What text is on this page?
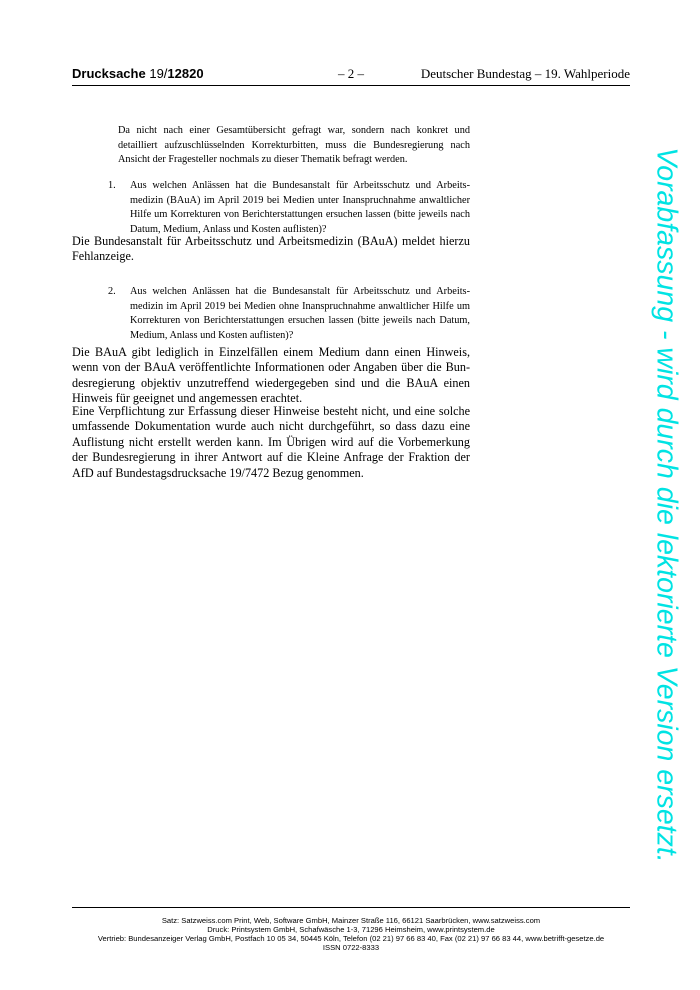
Drucksache 19/12820	– 2 –	Deutscher Bundestag – 19. Wahlperiode
Da nicht nach einer Gesamtübersicht gefragt war, sondern nach konkret und detailliert aufzuschlüsselnden Korrekturbitten, muss die Bundesregierung nach Ansicht der Fragesteller nochmals zu dieser Thematik befragt werden.
1.	Aus welchen Anlässen hat die Bundesanstalt für Arbeitsschutz und Arbeitsmedizin (BAuA) im April 2019 bei Medien unter Inanspruchnahme anwaltlicher Hilfe um Korrekturen von Berichterstattungen ersuchen lassen (bitte jeweils nach Datum, Medium, Anlass und Kosten auflisten)?

Die Bundesanstalt für Arbeitsschutz und Arbeitsmedizin (BAuA) meldet hierzu Fehlanzeige.

2.	Aus welchen Anlässen hat die Bundesanstalt für Arbeitsschutz und Arbeitsmedizin im April 2019 bei Medien ohne Inanspruchnahme anwaltlicher Hilfe um Korrekturen von Berichterstattungen ersuchen lassen (bitte jeweils nach Datum, Medium, Anlass und Kosten auflisten)?

Die BAuA gibt lediglich in Einzelfällen einem Medium dann einen Hinweis, wenn von der BAuA veröffentlichte Informationen oder Angaben über die Bundesregierung objektiv unzutreffend wiedergegeben sind und die BAuA einen Hinweis für geeignet und angemessen erachtet.

Eine Verpflichtung zur Erfassung dieser Hinweise besteht nicht, und eine solche umfassende Dokumentation wurde auch nicht durchgeführt, so dass dazu eine Auflistung nicht erstellt werden kann. Im Übrigen wird auf die Vorbemerkung der Bundesregierung in ihrer Antwort auf die Kleine Anfrage der Fraktion der AfD auf Bundestagsdrucksache 19/7472 Bezug genommen.	Vorabfassung - wird durch die lektorierte Version ersetzt.
Satz: Satzweiss.com Print, Web, Software GmbH, Mainzer Straße 116, 66121 Saarbrücken, www.satzweiss.com
Druck: Printsystem GmbH, Schafwäsche 1-3, 71296 Heimsheim, www.printsystem.de
Vertrieb: Bundesanzeiger Verlag GmbH, Postfach 10 05 34, 50445 Köln, Telefon (02 21) 97 66 83 40, Fax (02 21) 97 66 83 44, www.betrifft-gesetze.de
ISSN 0722-8333
